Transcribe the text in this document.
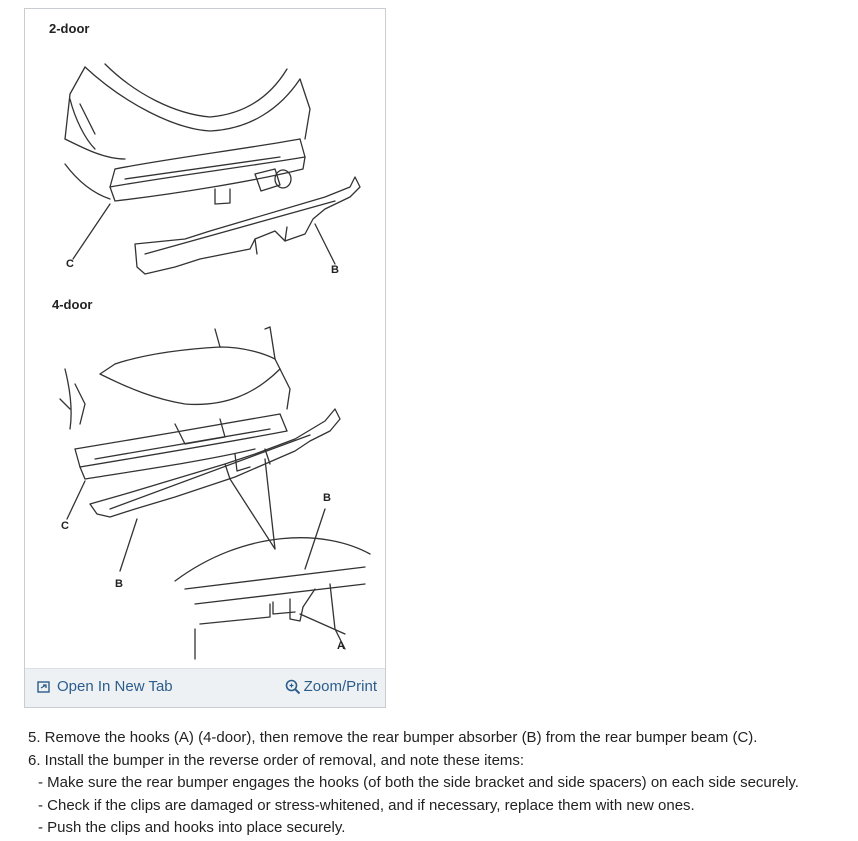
2-door
4-door
C	B
C
B
B
A
Open In New Tab	Zoom/Print

5. Remove the hooks (A) (4-door), then remove the rear bumper absorber (B) from the rear bumper beam (C).

6. Install the bumper in the reverse order of removal, and note these items:

- Make sure the rear bumper engages the hooks (of both the side bracket and side spacers) on each side securely.

- Check if the clips are damaged or stress-whitened, and if necessary, replace them with new ones.

- Push the clips and hooks into place securely.
